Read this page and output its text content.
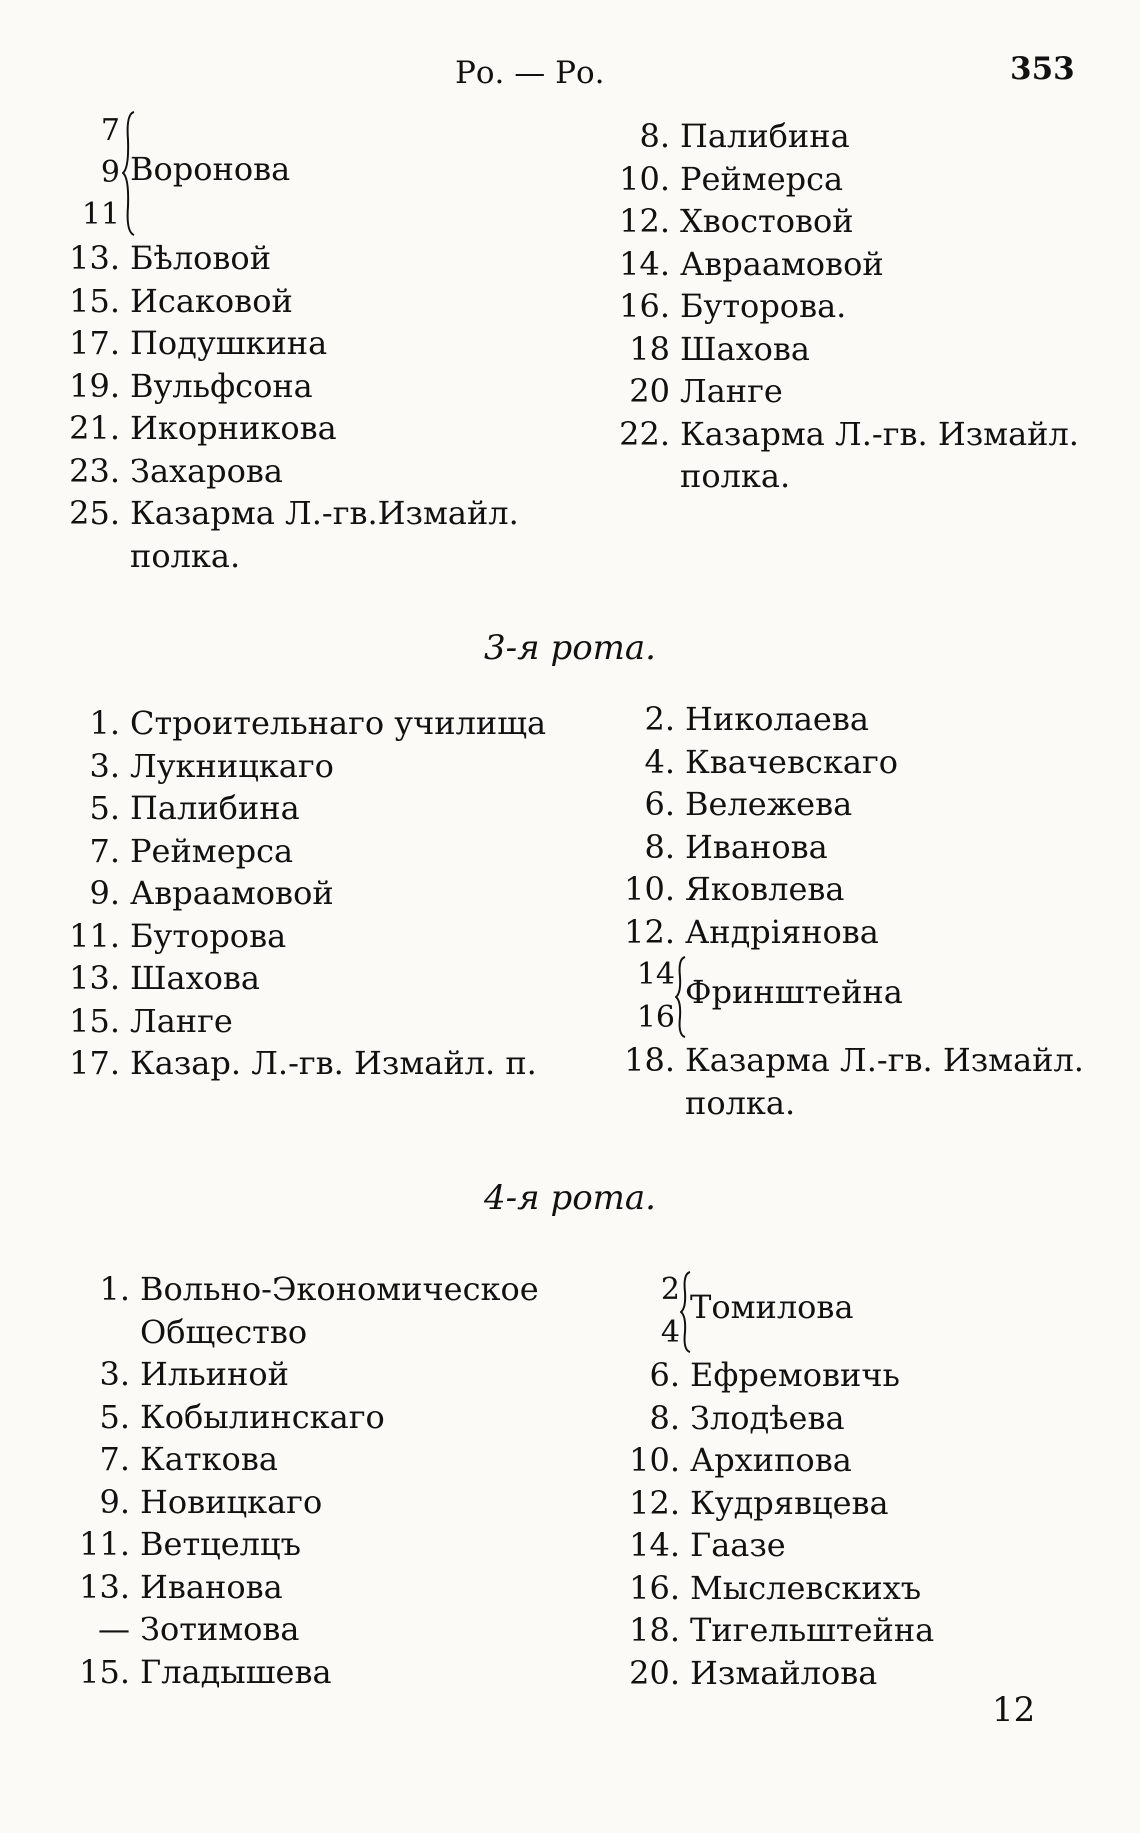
Ро. — Ро.	353
7
9
11
Воронова
13. Бѣловой
15. Исаковой
17. Подушкина
19. Вульфсона
21. Икорникова
23. Захарова
25. Казарма Л.-гв.Измайл.
полка.
8. Палибина
10. Реймерса
12. Хвостовой
14. Авраамовой
16. Буторова.
18 Шахова
20 Ланге
22. Казарма Л.-гв. Измайл.
полка.
3-я рота.
1. Строительнаго училища
3. Лукницкаго
5. Палибина
7. Реймерса
9. Авраамовой
11. Буторова
13. Шахова
15. Ланге
17. Казар. Л.-гв. Измайл. п.
2. Николаева
4. Квачевскаго
6. Вележева
8. Иванова
10. Яковлева
12. Андріянова
14
16
Фринштейна
18. Казарма Л.-гв. Измайл.
полка.
4-я рота.
1. Вольно-Экономическое
Общество
3. Ильиной
5. Кобылинскаго
7. Каткова
9. Новицкаго
11. Ветцелцъ
13. Иванова
— Зотимова
15. Гладышева
2
4
Томилова
6. Ефремовичь
8. Злодѣева
10. Архипова
12. Кудрявцева
14. Гаазе
16. Мыслевскихъ
18. Тигельштейна
20. Измайлова
12
